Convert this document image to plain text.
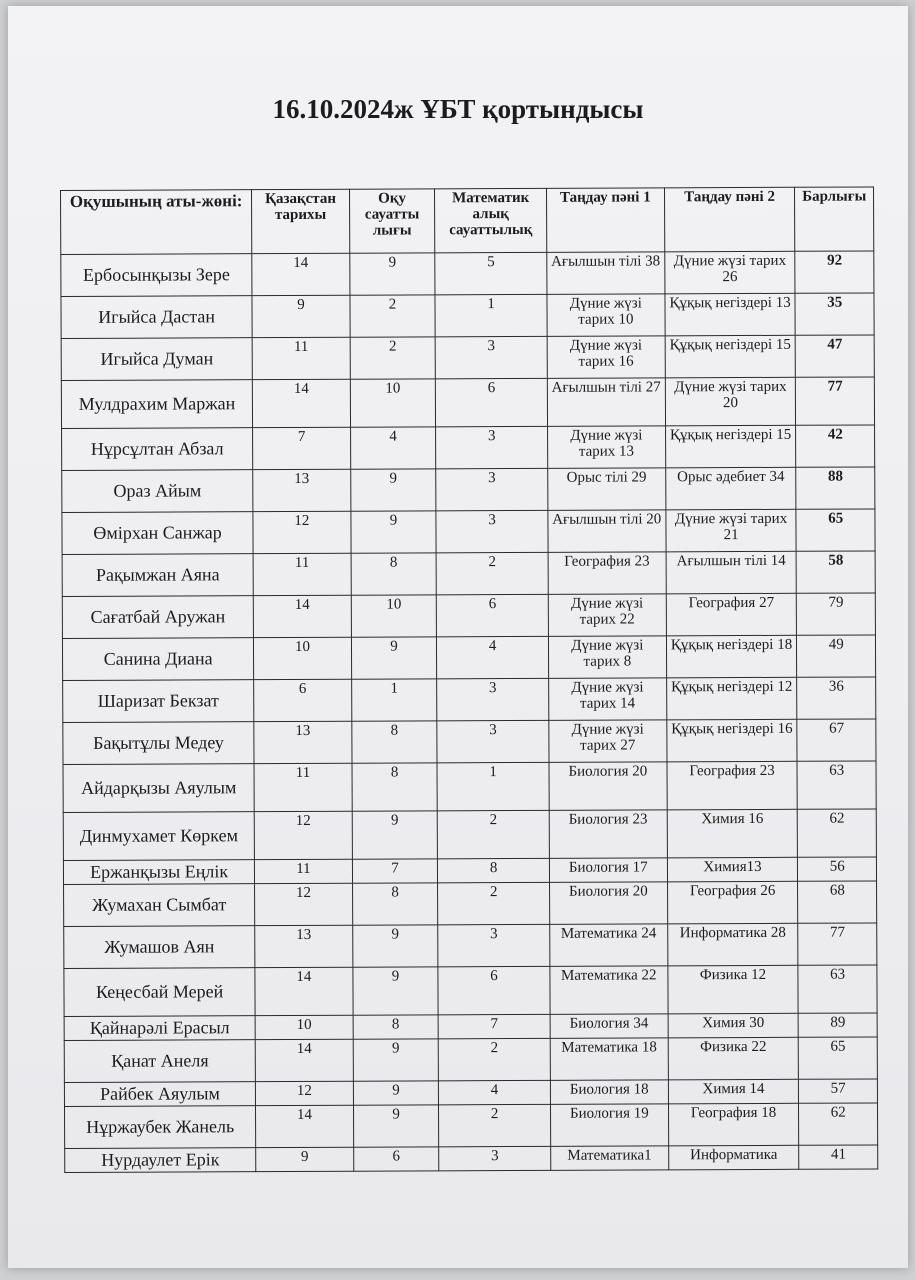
16.10.2024ж ҰБТ қортындысы
Оқушының аты-жөні:	Қазақстан тарихы	Оқу сауатты лығы	Математик алық сауаттылық	Таңдау пәні 1	Таңдау пәні 2	Барлығы
Ербосынқызы Зере	14	9	5	Ағылшын тілі 38	Дүние жүзі тарих 26	92
Игыйса Дастан	9	2	1	Дүние жүзі тарих 10	Құқық негіздері 13	35
Игыйса Думан	11	2	3	Дүние жүзі тарих 16	Құқық негіздері 15	47
Мулдрахим Маржан	14	10	6	Ағылшын тілі 27	Дүние жүзі тарих 20	77
Нұрсұлтан Абзал	7	4	3	Дүние жүзі тарих 13	Құқық негіздері 15	42
Ораз Айым	13	9	3	Орыс тілі 29	Орыс әдебиет 34	88
Өмірхан Санжар	12	9	3	Ағылшын тілі 20	Дүние жүзі тарих 21	65
Рақымжан Аяна	11	8	2	География 23	Ағылшын тілі 14	58
Сағатбай Аружан	14	10	6	Дүние жүзі тарих 22	География 27	79
Санина Диана	10	9	4	Дүние жүзі тарих 8	Құқық негіздері 18	49
Шаризат Бекзат	6	1	3	Дүние жүзі тарих 14	Құқық негіздері 12	36
Бақытұлы Медеу	13	8	3	Дүние жүзі тарих 27	Құқық негіздері 16	67
Айдарқызы Аяулым	11	8	1	Биология 20	География 23	63
Динмухамет Көркем	12	9	2	Биология 23	Химия 16	62
Ержанқызы Еңлік	11	7	8	Биология 17	Химия13	56
Жумахан Сымбат	12	8	2	Биология 20	География 26	68
Жумашов Аян	13	9	3	Математика 24	Информатика 28	77
Кеңесбай Мерей	14	9	6	Математика 22	Физика 12	63
Қайнарәлі Ерасыл	10	8	7	Биология 34	Химия 30	89
Қанат Анеля	14	9	2	Математика 18	Физика 22	65
Райбек Аяулым	12	9	4	Биология 18	Химия 14	57
Нұржаубек Жанель	14	9	2	Биология 19	География 18	62
Нурдаулет Ерік	9	6	3	Математика1	Информатика	41
